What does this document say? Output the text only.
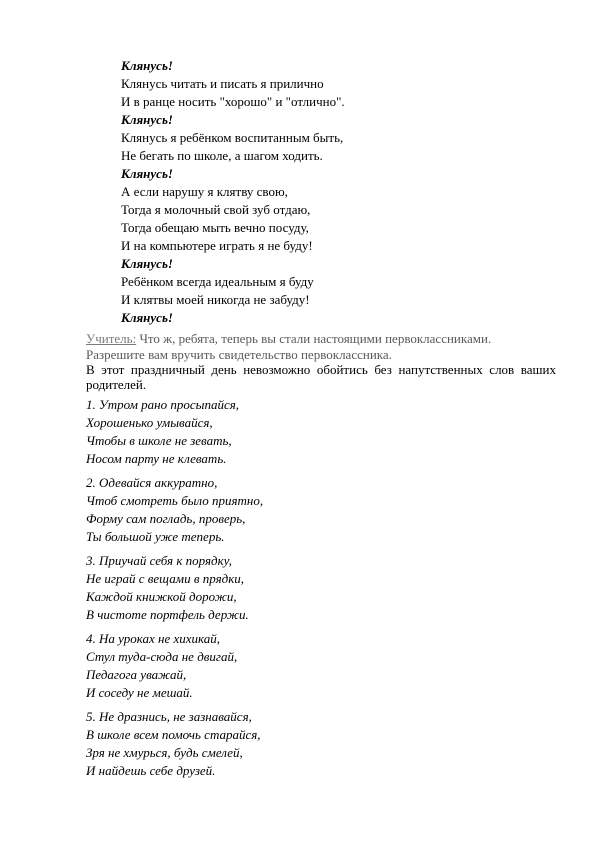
Клянусь!
Клянусь читать и писать я прилично
И в ранце носить "хорошо" и "отлично".
Клянусь!
Клянусь я ребёнком воспитанным быть,
Не бегать по школе, а шагом ходить.
Клянусь!
А если нарушу я клятву свою,
Тогда я молочный свой зуб отдаю,
Тогда обещаю мыть вечно посуду,
И на компьютере играть я не буду!
Клянусь!
Ребёнком всегда идеальным я буду
И клятвы моей никогда не забуду!
Клянусь!
Учитель: Что ж, ребята, теперь вы стали настоящими первоклассниками.
Разрешите вам вручить свидетельство первоклассника.
В этот праздничный день невозможно обойтись без напутственных слов ваших родителей.
1. Утром рано просыпайся,
Хорошенько умывайся,
Чтобы в школе не зевать,
Носом парту не клевать.
2. Одевайся аккуратно,
Чтоб смотреть было приятно,
Форму сам погладь, проверь,
Ты большой уже теперь.
3. Приучай себя к порядку,
Не играй с вещами в прядки,
Каждой книжкой дорожи,
В чистоте портфель держи.
4. На уроках не хихикай,
Стул туда-сюда не двигай,
Педагога уважай,
И соседу не мешай.
5. Не дразнись, не зазнавайся,
В школе всем помочь старайся,
Зря не хмурься, будь смелей,
И найдешь себе друзей.
